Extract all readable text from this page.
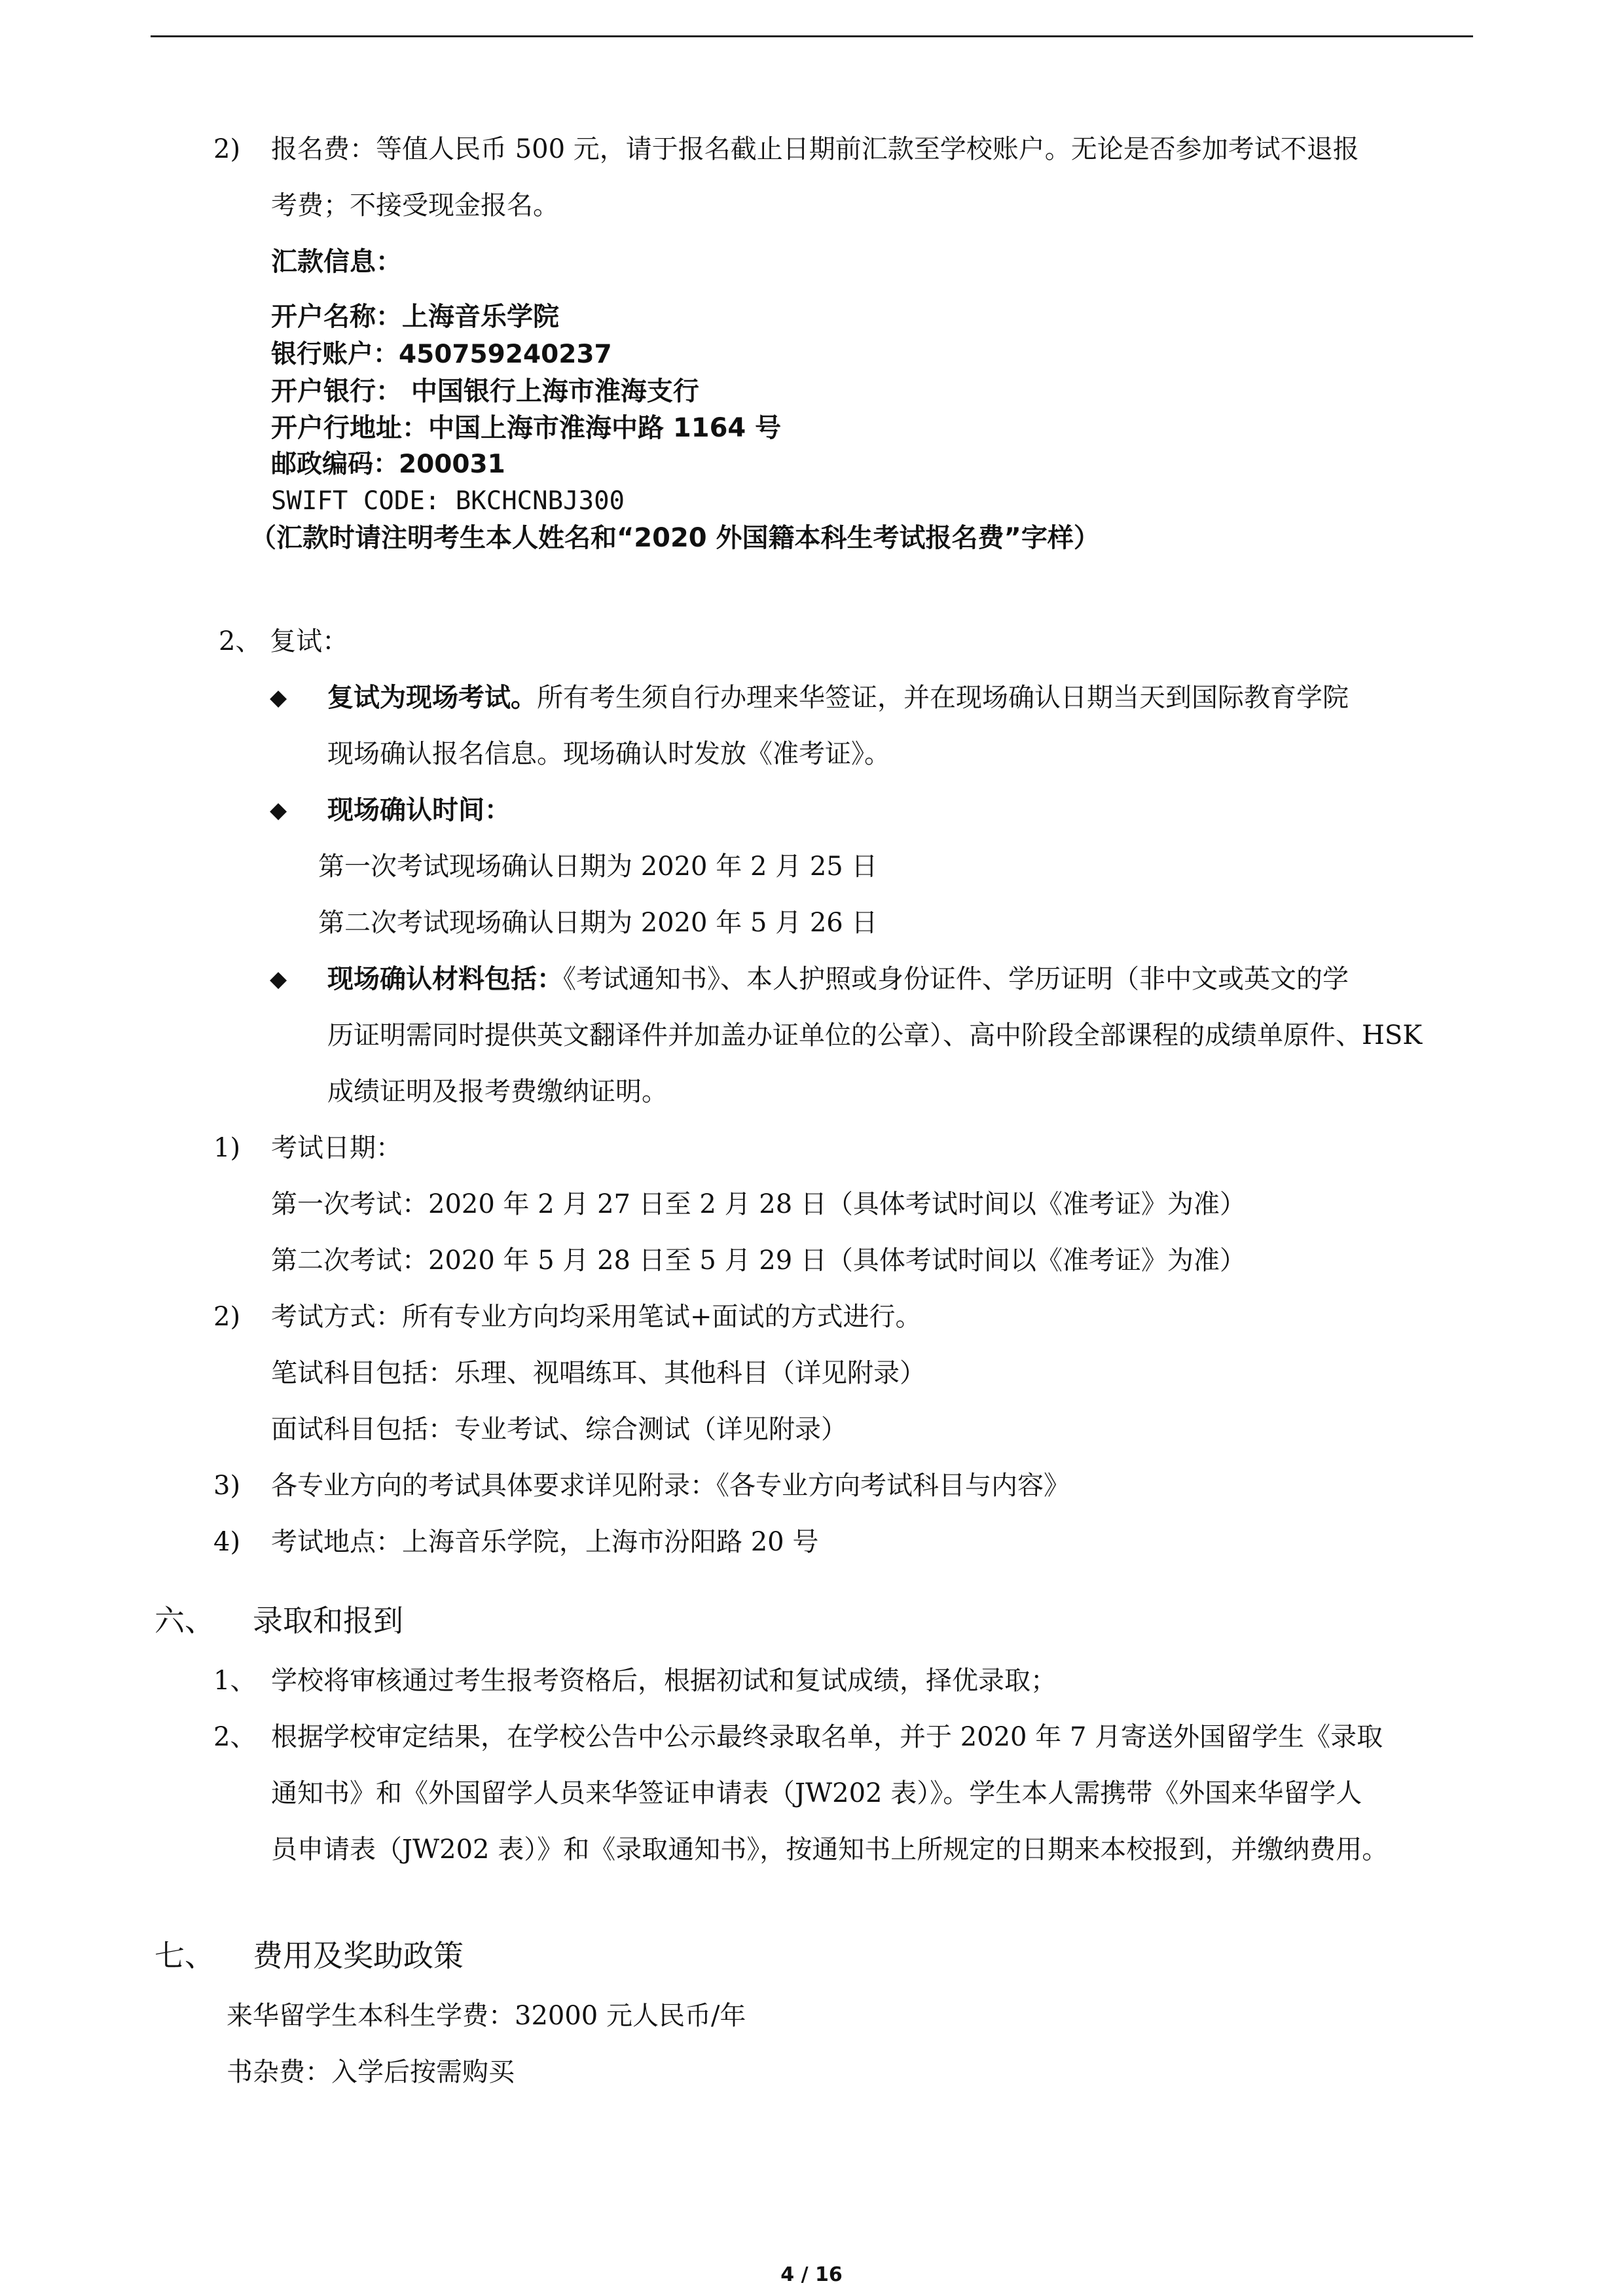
2) 报名费：等值人民币 500 元，请于报名截止日期前汇款至学校账户。无论是否参加考试不退报
考费；不接受现金报名。
汇款信息：
开户名称：上海音乐学院
银行账户：450759240237
开户银行： 中国银行上海市淮海支行
开户行地址：中国上海市淮海中路 1164 号
邮政编码：200031
SWIFT CODE: BKCHCNBJ300
（汇款时请注明考生本人姓名和“2020 外国籍本科生考试报名费”字样）
2、 复试：
◆ 复试为现场考试。所有考生须自行办理来华签证，并在现场确认日期当天到国际教育学院
现场确认报名信息。现场确认时发放《准考证》。
◆ 现场确认时间：
第一次考试现场确认日期为 2020 年 2 月 25 日
第二次考试现场确认日期为 2020 年 5 月 26 日
◆ 现场确认材料包括：《考试通知书》、本人护照或身份证件、学历证明（非中文或英文的学
历证明需同时提供英文翻译件并加盖办证单位的公章）、高中阶段全部课程的成绩单原件、HSK
成绩证明及报考费缴纳证明。
1) 考试日期：
第一次考试：2020 年 2 月 27 日至 2 月 28 日（具体考试时间以《准考证》为准）
第二次考试：2020 年 5 月 28 日至 5 月 29 日（具体考试时间以《准考证》为准）
2) 考试方式：所有专业方向均采用笔试+面试的方式进行。
笔试科目包括：乐理、视唱练耳、其他科目（详见附录）
面试科目包括：专业考试、综合测试（详见附录）
3) 各专业方向的考试具体要求详见附录：《各专业方向考试科目与内容》
4) 考试地点：上海音乐学院，上海市汾阳路 20 号
六、 录取和报到
1、 学校将审核通过考生报考资格后，根据初试和复试成绩，择优录取；
2、 根据学校审定结果，在学校公告中公示最终录取名单，并于 2020 年 7 月寄送外国留学生《录取
通知书》和《外国留学人员来华签证申请表（JW202 表）》。学生本人需携带《外国来华留学人
员申请表（JW202 表）》和《录取通知书》，按通知书上所规定的日期来本校报到，并缴纳费用。
七、 费用及奖助政策
来华留学生本科生学费：32000 元人民币/年
书杂费：入学后按需购买
4 / 16
